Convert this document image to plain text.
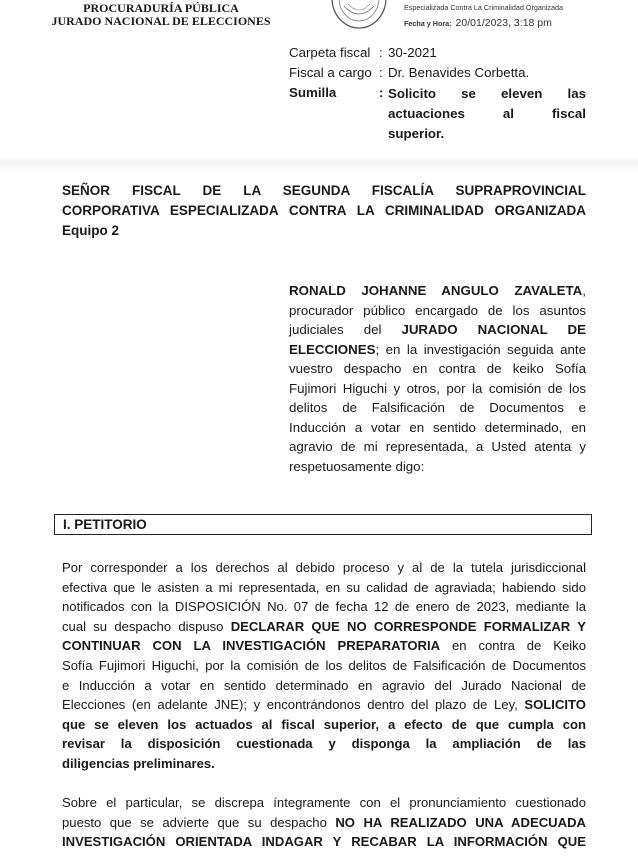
PROCURADURÍA PÚBLICA
JURADO NACIONAL DE ELECCIONES
Especializada Contra La Criminalidad Organizada
Fecha y Hora: 20/01/2023, 3:18 pm
Carpeta fiscal : 30-2021
Fiscal a cargo : Dr. Benavides Corbetta.
Sumilla	: Solicito se eleven las
actuaciones al fiscal
superior.
SEÑOR FISCAL DE LA SEGUNDA FISCALÍA SUPRAPROVINCIAL
CORPORATIVA ESPECIALIZADA CONTRA LA CRIMINALIDAD ORGANIZADA
Equipo 2
RONALD JOHANNE ANGULO ZAVALETA,
procurador público encargado de los asuntos
judiciales del JURADO NACIONAL DE
ELECCIONES; en la investigación seguida ante
vuestro despacho en contra de keiko Sofía
Fujimori Higuchi y otros, por la comisión de los
delitos de Falsificación de Documentos e
Inducción a votar en sentido determinado, en
agravio de mi representada, a Usted atenta y
respetuosamente digo:
I. PETITORIO
Por corresponder a los derechos al debido proceso y al de la tutela jurisdiccional
efectiva que le asisten a mi representada, en su calidad de agraviada; habiendo sido
notificados con la DISPOSICIÓN No. 07 de fecha 12 de enero de 2023, mediante la
cual su despacho dispuso DECLARAR QUE NO CORRESPONDE FORMALIZAR Y
CONTINUAR CON LA INVESTIGACIÓN PREPARATORIA en contra de Keiko
Sofía Fujimori Higuchi, por la comisión de los delitos de Falsificación de Documentos
e Inducción a votar en sentido determinado en agravio del Jurado Nacional de
Elecciones (en adelante JNE); y encontrándonos dentro del plazo de Ley, SOLICITO
que se eleven los actuados al fiscal superior, a efecto de que cumpla con
revisar la disposición cuestionada y disponga la ampliación de las
diligencias preliminares.
Sobre el particular, se discrepa íntegramente con el pronunciamiento cuestionado
puesto que se advierte que su despacho NO HA REALIZADO UNA ADECUADA
INVESTIGACIÓN ORIENTADA INDAGAR Y RECABAR LA INFORMACIÓN QUE
